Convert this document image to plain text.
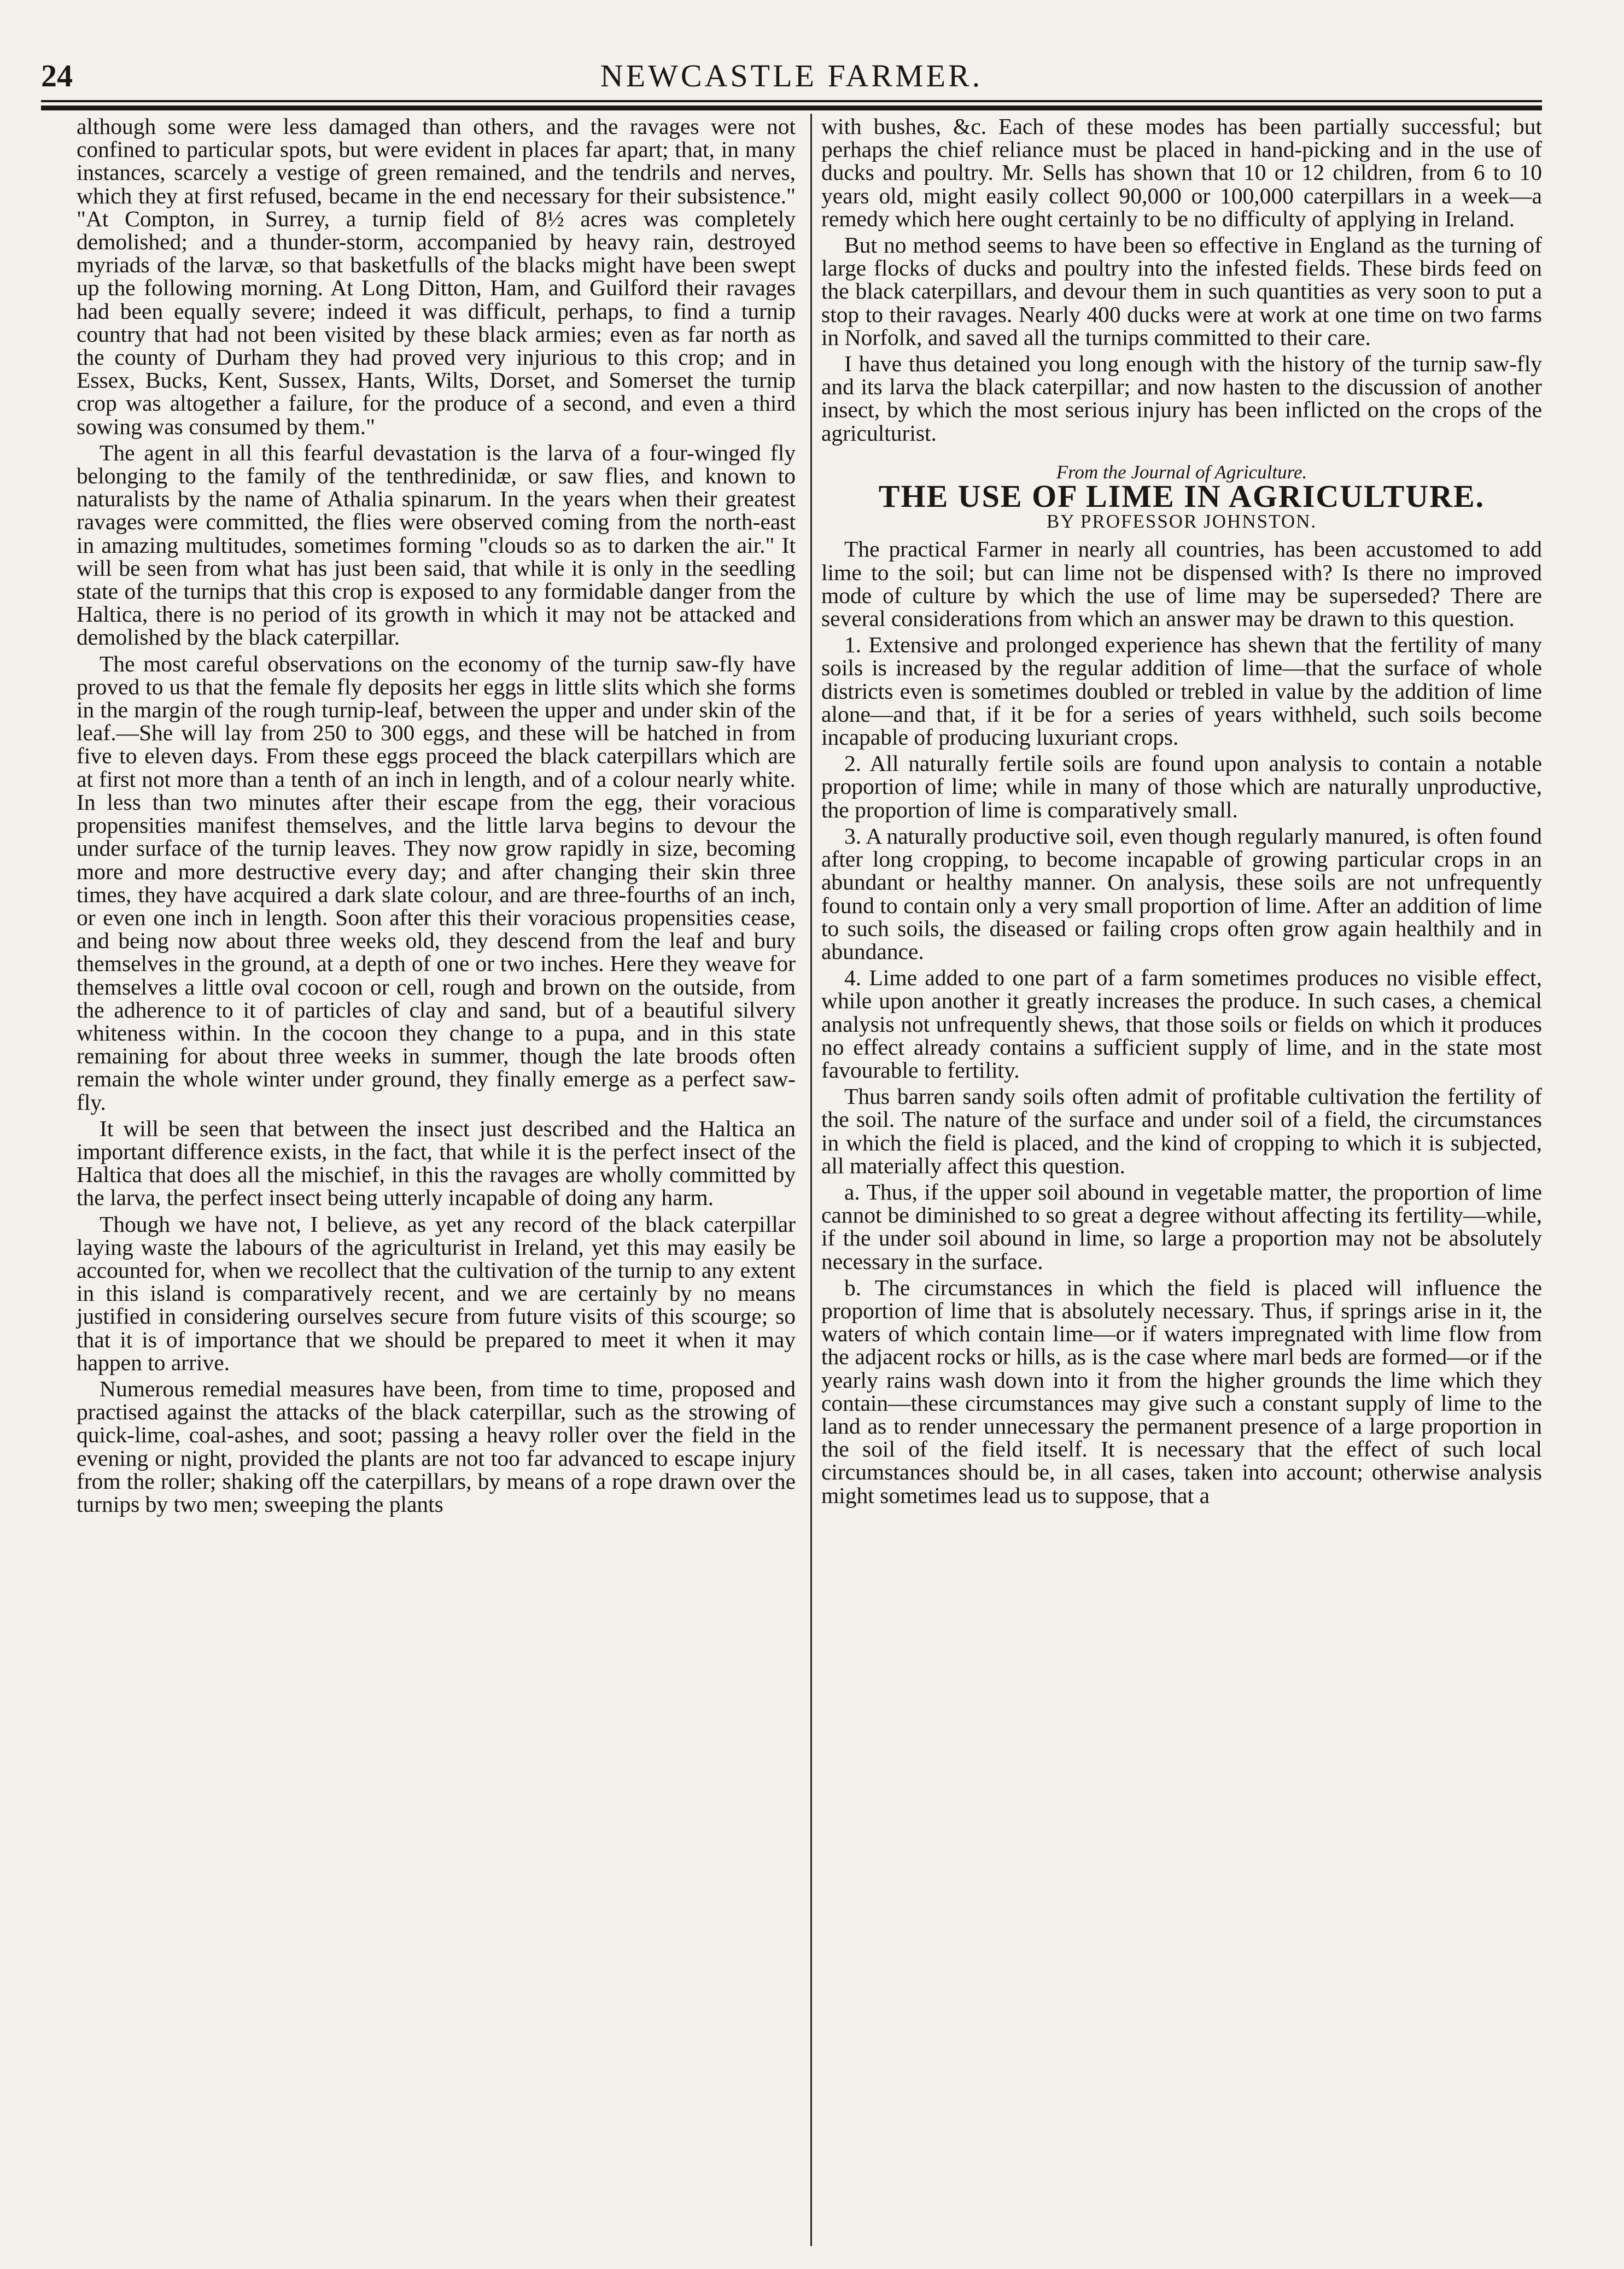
24	NEWCASTLE FARMER.

although some were less damaged than others, and the ravages were not confined to particular spots, but were evident in places far apart; that, in many instances, scarcely a vestige of green remained, and the tendrils and nerves, which they at first refused, became in the end necessary for their subsistence." "At Compton, in Surrey, a turnip field of 8½ acres was completely demolished; and a thunder-storm, accompanied by heavy rain, destroyed myriads of the larvæ, so that basketfulls of the blacks might have been swept up the following morning. At Long Ditton, Ham, and Guilford their ravages had been equally severe; indeed it was difficult, perhaps, to find a turnip country that had not been visited by these black armies; even as far north as the county of Durham they had proved very injurious to this crop; and in Essex, Bucks, Kent, Sussex, Hants, Wilts, Dorset, and Somerset the turnip crop was altogether a failure, for the produce of a second, and even a third sowing was consumed by them."

The agent in all this fearful devastation is the larva of a four-winged fly belonging to the family of the tenthredinidæ, or saw flies, and known to naturalists by the name of Athalia spinarum. In the years when their greatest ravages were committed, the flies were observed coming from the north-east in amazing multitudes, sometimes forming "clouds so as to darken the air." It will be seen from what has just been said, that while it is only in the seedling state of the turnips that this crop is exposed to any formidable danger from the Haltica, there is no period of its growth in which it may not be attacked and demolished by the black caterpillar.

The most careful observations on the economy of the turnip saw-fly have proved to us that the female fly deposits her eggs in little slits which she forms in the margin of the rough turnip-leaf, between the upper and under skin of the leaf.—She will lay from 250 to 300 eggs, and these will be hatched in from five to eleven days. From these eggs proceed the black caterpillars which are at first not more than a tenth of an inch in length, and of a colour nearly white. In less than two minutes after their escape from the egg, their voracious propensities manifest themselves, and the little larva begins to devour the under surface of the turnip leaves. They now grow rapidly in size, becoming more and more destructive every day; and after changing their skin three times, they have acquired a dark slate colour, and are three-fourths of an inch, or even one inch in length. Soon after this their voracious propensities cease, and being now about three weeks old, they descend from the leaf and bury themselves in the ground, at a depth of one or two inches. Here they weave for themselves a little oval cocoon or cell, rough and brown on the outside, from the adherence to it of particles of clay and sand, but of a beautiful silvery whiteness within. In the cocoon they change to a pupa, and in this state remaining for about three weeks in summer, though the late broods often remain the whole winter under ground, they finally emerge as a perfect saw-fly.

It will be seen that between the insect just described and the Haltica an important difference exists, in the fact, that while it is the perfect insect of the Haltica that does all the mischief, in this the ravages are wholly committed by the larva, the perfect insect being utterly incapable of doing any harm.

Though we have not, I believe, as yet any record of the black caterpillar laying waste the labours of the agriculturist in Ireland, yet this may easily be accounted for, when we recollect that the cultivation of the turnip to any extent in this island is comparatively recent, and we are certainly by no means justified in considering ourselves secure from future visits of this scourge; so that it is of importance that we should be prepared to meet it when it may happen to arrive.

Numerous remedial measures have been, from time to time, proposed and practised against the attacks of the black caterpillar, such as the strowing of quick-lime, coal-ashes, and soot; passing a heavy roller over the field in the evening or night, provided the plants are not too far advanced to escape injury from the roller; shaking off the caterpillars, by means of a rope drawn over the turnips by two men; sweeping the plants

with bushes, &c. Each of these modes has been partially successful; but perhaps the chief reliance must be placed in hand-picking and in the use of ducks and poultry. Mr. Sells has shown that 10 or 12 children, from 6 to 10 years old, might easily collect 90,000 or 100,000 caterpillars in a week—a remedy which here ought certainly to be no difficulty of applying in Ireland.

But no method seems to have been so effective in England as the turning of large flocks of ducks and poultry into the infested fields. These birds feed on the black caterpillars, and devour them in such quantities as very soon to put a stop to their ravages. Nearly 400 ducks were at work at one time on two farms in Norfolk, and saved all the turnips committed to their care.

I have thus detained you long enough with the history of the turnip saw-fly and its larva the black caterpillar; and now hasten to the discussion of another insect, by which the most serious injury has been inflicted on the crops of the agriculturist.

From the Journal of Agriculture.

THE USE OF LIME IN AGRICULTURE.

BY PROFESSOR JOHNSTON.

The practical Farmer in nearly all countries, has been accustomed to add lime to the soil; but can lime not be dispensed with? Is there no improved mode of culture by which the use of lime may be superseded? There are several considerations from which an answer may be drawn to this question.

1. Extensive and prolonged experience has shewn that the fertility of many soils is increased by the regular addition of lime—that the surface of whole districts even is sometimes doubled or trebled in value by the addition of lime alone—and that, if it be for a series of years withheld, such soils become incapable of producing luxuriant crops.

2. All naturally fertile soils are found upon analysis to contain a notable proportion of lime; while in many of those which are naturally unproductive, the proportion of lime is comparatively small.

3. A naturally productive soil, even though regularly manured, is often found after long cropping, to become incapable of growing particular crops in an abundant or healthy manner. On analysis, these soils are not unfrequently found to contain only a very small proportion of lime. After an addition of lime to such soils, the diseased or failing crops often grow again healthily and in abundance.

4. Lime added to one part of a farm sometimes produces no visible effect, while upon another it greatly increases the produce. In such cases, a chemical analysis not unfrequently shews, that those soils or fields on which it produces no effect already contains a sufficient supply of lime, and in the state most favourable to fertility.

Thus barren sandy soils often admit of profitable cultivation the fertility of the soil. The nature of the surface and under soil of a field, the circumstances in which the field is placed, and the kind of cropping to which it is subjected, all materially affect this question.

a. Thus, if the upper soil abound in vegetable matter, the proportion of lime cannot be diminished to so great a degree without affecting its fertility—while, if the under soil abound in lime, so large a proportion may not be absolutely necessary in the surface.

b. The circumstances in which the field is placed will influence the proportion of lime that is absolutely necessary. Thus, if springs arise in it, the waters of which contain lime—or if waters impregnated with lime flow from the adjacent rocks or hills, as is the case where marl beds are formed—or if the yearly rains wash down into it from the higher grounds the lime which they contain—these circumstances may give such a constant supply of lime to the land as to render unnecessary the permanent presence of a large proportion in the soil of the field itself. It is necessary that the effect of such local circumstances should be, in all cases, taken into account; otherwise analysis might sometimes lead us to suppose, that a
